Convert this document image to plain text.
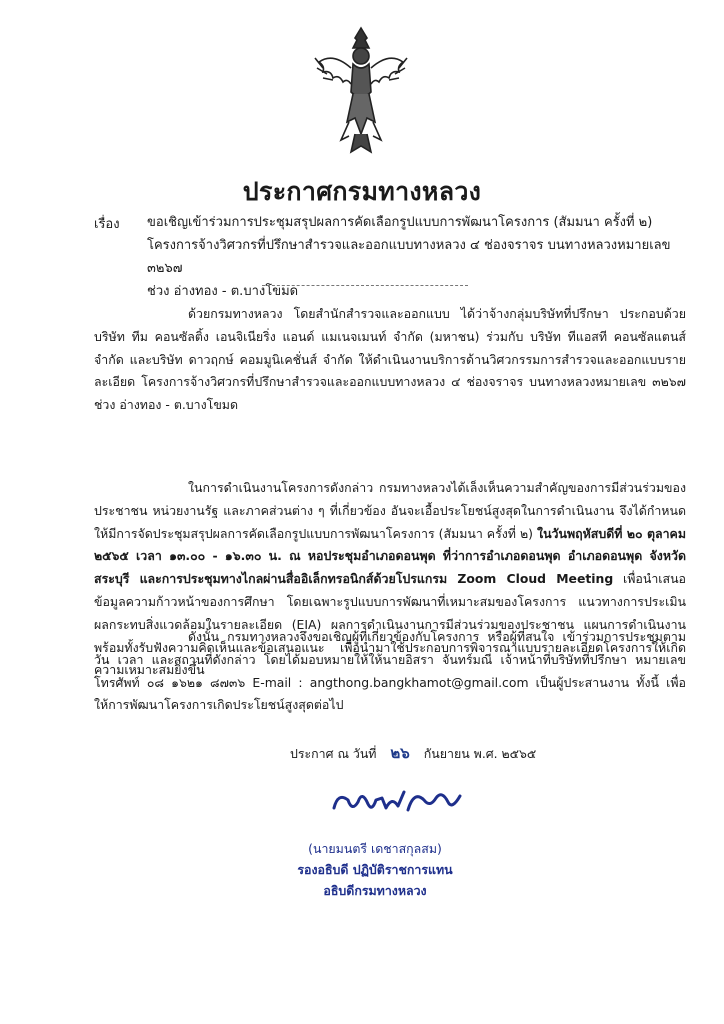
ประกาศกรมทางหลวง
เรื่อง ขอเชิญเข้าร่วมการประชุมสรุปผลการคัดเลือกรูปแบบการพัฒนาโครงการ (สัมมนา ครั้งที่ ๒)
โครงการจ้างวิศวกรที่ปรึกษาสำรวจและออกแบบทางหลวง ๔ ช่องจราจร บนทางหลวงหมายเลข ๓๒๖๗
ช่วง อ่างทอง - ต.บางโขมด
ด้วยกรมทางหลวง โดยสำนักสำรวจและออกแบบ ได้ว่าจ้างกลุ่มบริษัทที่ปรึกษา ประกอบด้วย บริษัท ทีม คอนซัลติ้ง เอนจิเนียริ่ง แอนด์ แมเนจเมนท์ จำกัด (มหาชน) ร่วมกับ บริษัท ทีแอสที คอนซัลแตนส์ จำกัด และบริษัท ดาวฤกษ์ คอมมูนิเคชั่นส์ จำกัด ให้ดำเนินงานบริการด้านวิศวกรรมการสำรวจและออกแบบรายละเอียด โครงการจ้างวิศวกรที่ปรึกษาสำรวจและออกแบบทางหลวง ๔ ช่องจราจร บนทางหลวงหมายเลข ๓๒๖๗ ช่วง อ่างทอง - ต.บางโขมด
ในการดำเนินงานโครงการดังกล่าว กรมทางหลวงได้เล็งเห็นความสำคัญของการมีส่วนร่วมของประชาชน หน่วยงานรัฐ และภาคส่วนต่าง ๆ ที่เกี่ยวข้อง อันจะเอื้อประโยชน์สูงสุดในการดำเนินงาน จึงได้กำหนดให้มีการจัดประชุมสรุปผลการคัดเลือกรูปแบบการพัฒนาโครงการ (สัมมนา ครั้งที่ ๒) ในวันพฤหัสบดีที่ ๒๐ ตุลาคม ๒๕๖๕ เวลา ๑๓.๐๐ - ๑๖.๓๐ น. ณ หอประชุมอำเภอดอนพุด ที่ว่าการอำเภอดอนพุด อำเภอดอนพุด จังหวัดสระบุรี และการประชุมทางไกลผ่านสื่ออิเล็กทรอนิกส์ด้วยโปรแกรม Zoom Cloud Meeting เพื่อนำเสนอข้อมูลความก้าวหน้าของการศึกษา โดยเฉพาะรูปแบบการพัฒนาที่เหมาะสมของโครงการ แนวทางการประเมินผลกระทบสิ่งแวดล้อมในรายละเอียด (EIA) ผลการดำเนินงานการมีส่วนร่วมของประชาชน แผนการดำเนินงาน พร้อมทั้งรับฟังความคิดเห็นและข้อเสนอแนะ เพื่อนำมาใช้ประกอบการพิจารณาแบบรายละเอียดโครงการให้เกิดความเหมาะสมยิ่งขึ้น
ดังนั้น กรมทางหลวงจึงขอเชิญผู้ที่เกี่ยวข้องกับโครงการ หรือผู้ที่สนใจ เข้าร่วมการประชุมตามวัน เวลา และสถานที่ดังกล่าว โดยได้มอบหมายให้ให้นายอิสรา จันทร์มณี เจ้าหน้าที่บริษัทที่ปรึกษา หมายเลขโทรศัพท์ ๐๘ ๑๖๒๑ ๘๗๓๖ E-mail : angthong.bangkhamot@gmail.com เป็นผู้ประสานงาน ทั้งนี้ เพื่อให้การพัฒนาโครงการเกิดประโยชน์สูงสุดต่อไป
ประกาศ ณ วันที่ ๒๖ กันยายน พ.ศ. ๒๕๖๕
(นายมนตรี เดชาสกุลสม)
รองอธิบดี ปฏิบัติราชการแทน
อธิบดีกรมทางหลวง
